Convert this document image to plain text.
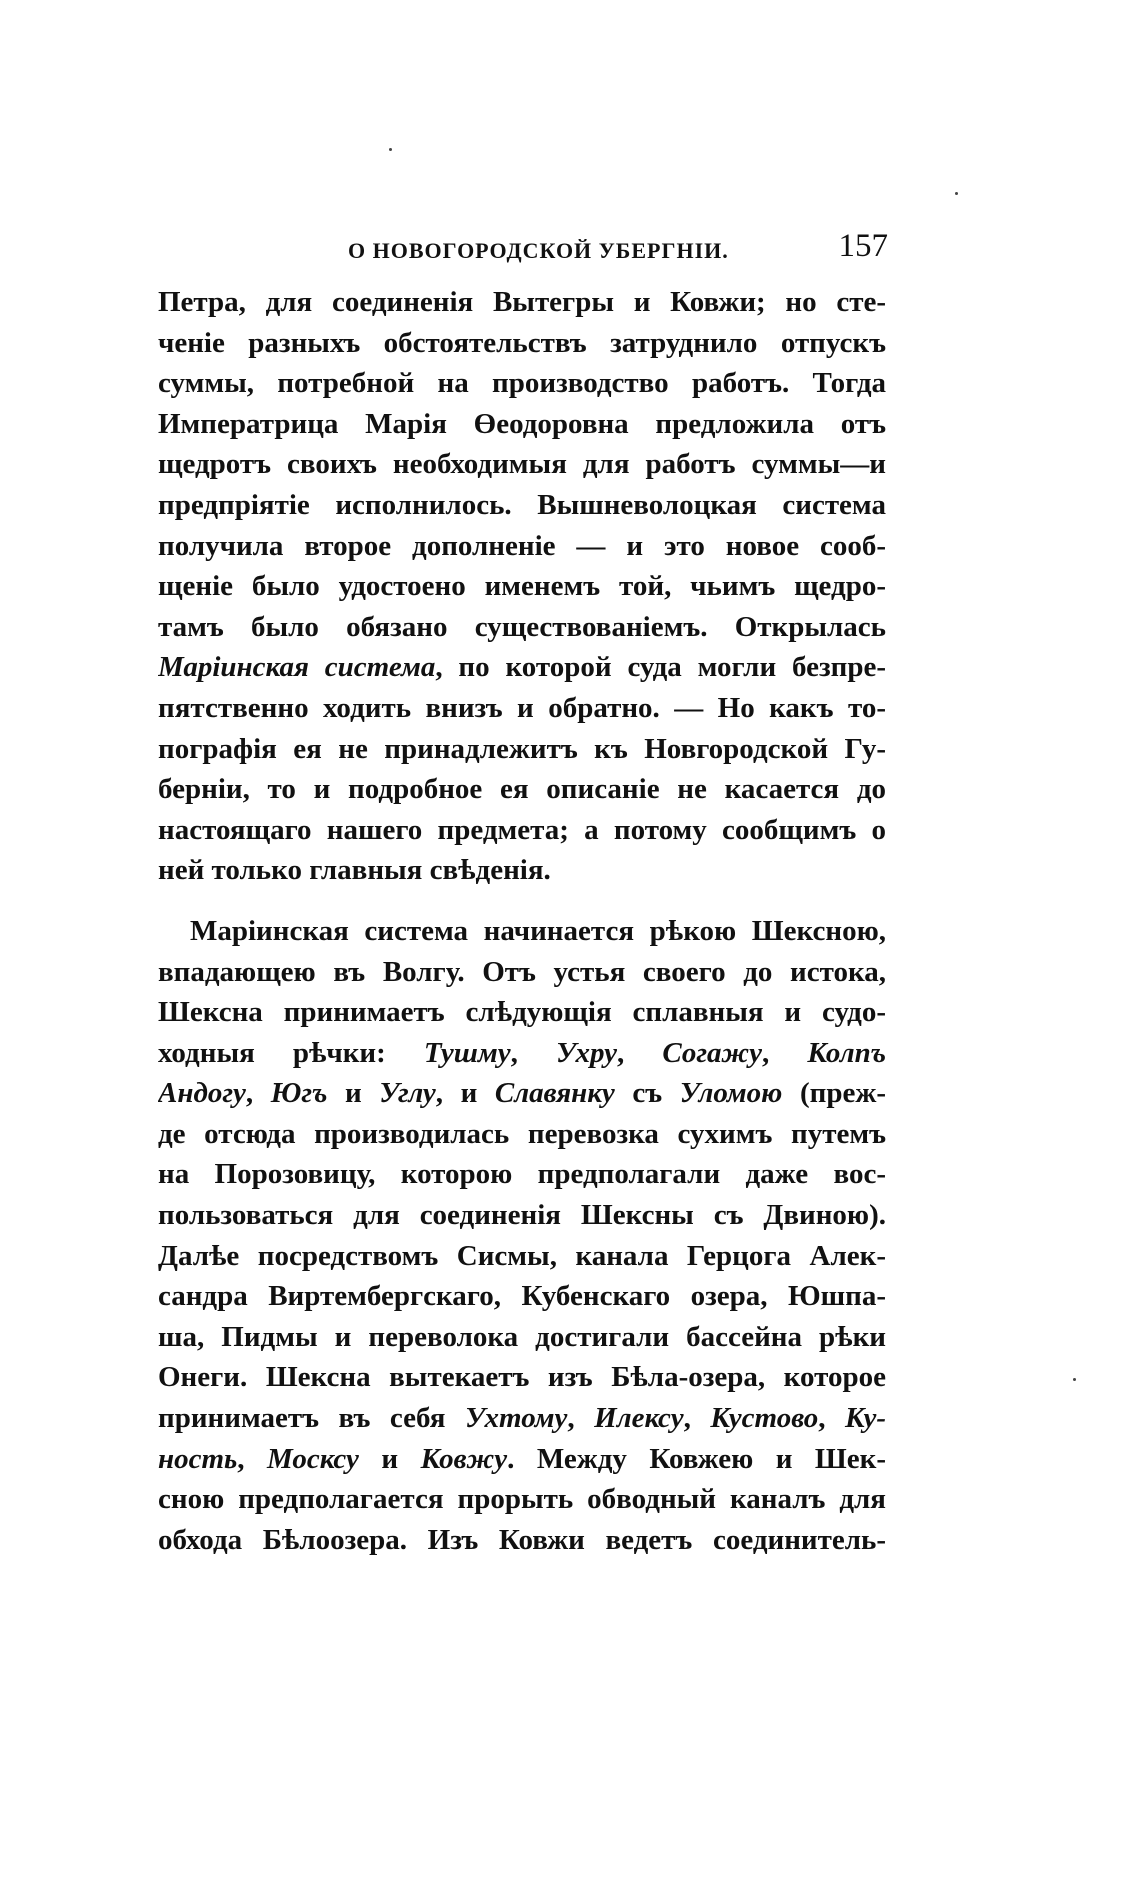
О НОВОГОРОДСКОЙ УБЕРГНІИ.	157
Петра, для соединенія Вытегры и Ковжи; но сте-
ченіе разныхъ обстоятельствъ затруднило отпускъ
суммы, потребной на производство работъ. Тогда
Императрица Марія Өеодоровна предложила отъ
щедротъ своихъ необходимыя для работъ суммы—и
предпріятіе исполнилось. Вышневолоцкая система
получила второе дополненіе — и это новое сооб-
щеніе было удостоено именемъ той, чьимъ щедро-
тамъ было обязано существованіемъ. Открылась
Маріинская система, по которой суда могли безпре-
пятственно ходить внизъ и обратно. — Но какъ то-
пографія ея не принадлежитъ къ Новгородской Гу-
берніи, то и подробное ея описаніе не касается до
настоящаго нашего предмета; а потому сообщимъ о
ней только главныя свѣденія.
Маріинская система начинается рѣкою Шексною,
впадающею въ Волгу. Отъ устья своего до истока,
Шексна принимаетъ слѣдующія сплавныя и судо-
ходныя рѣчки: Тушму, Ухру, Согажу, Колпъ
Андогу, Югъ и Углу, и Славянку съ Уломою (преж-
де отсюда производилась перевозка сухимъ путемъ
на Порозовицу, которою предполагали даже вос-
пользоваться для соединенія Шексны съ Двиною).
Далѣе посредствомъ Сисмы, канала Герцога Алек-
сандра Виртембергскаго, Кубенскаго озера, Юшпа-
ша, Пидмы и переволока достигали бассейна рѣки
Онеги. Шексна вытекаетъ изъ Бѣла-озера, которое
принимаетъ въ себя Ухтому, Илексу, Кустово, Ку-
ность, Москсу и Ковжу. Между Ковжею и Шек-
сною предполагается прорыть обводный каналъ для
обхода Бѣлоозера. Изъ Ковжи ведетъ соединитель-
